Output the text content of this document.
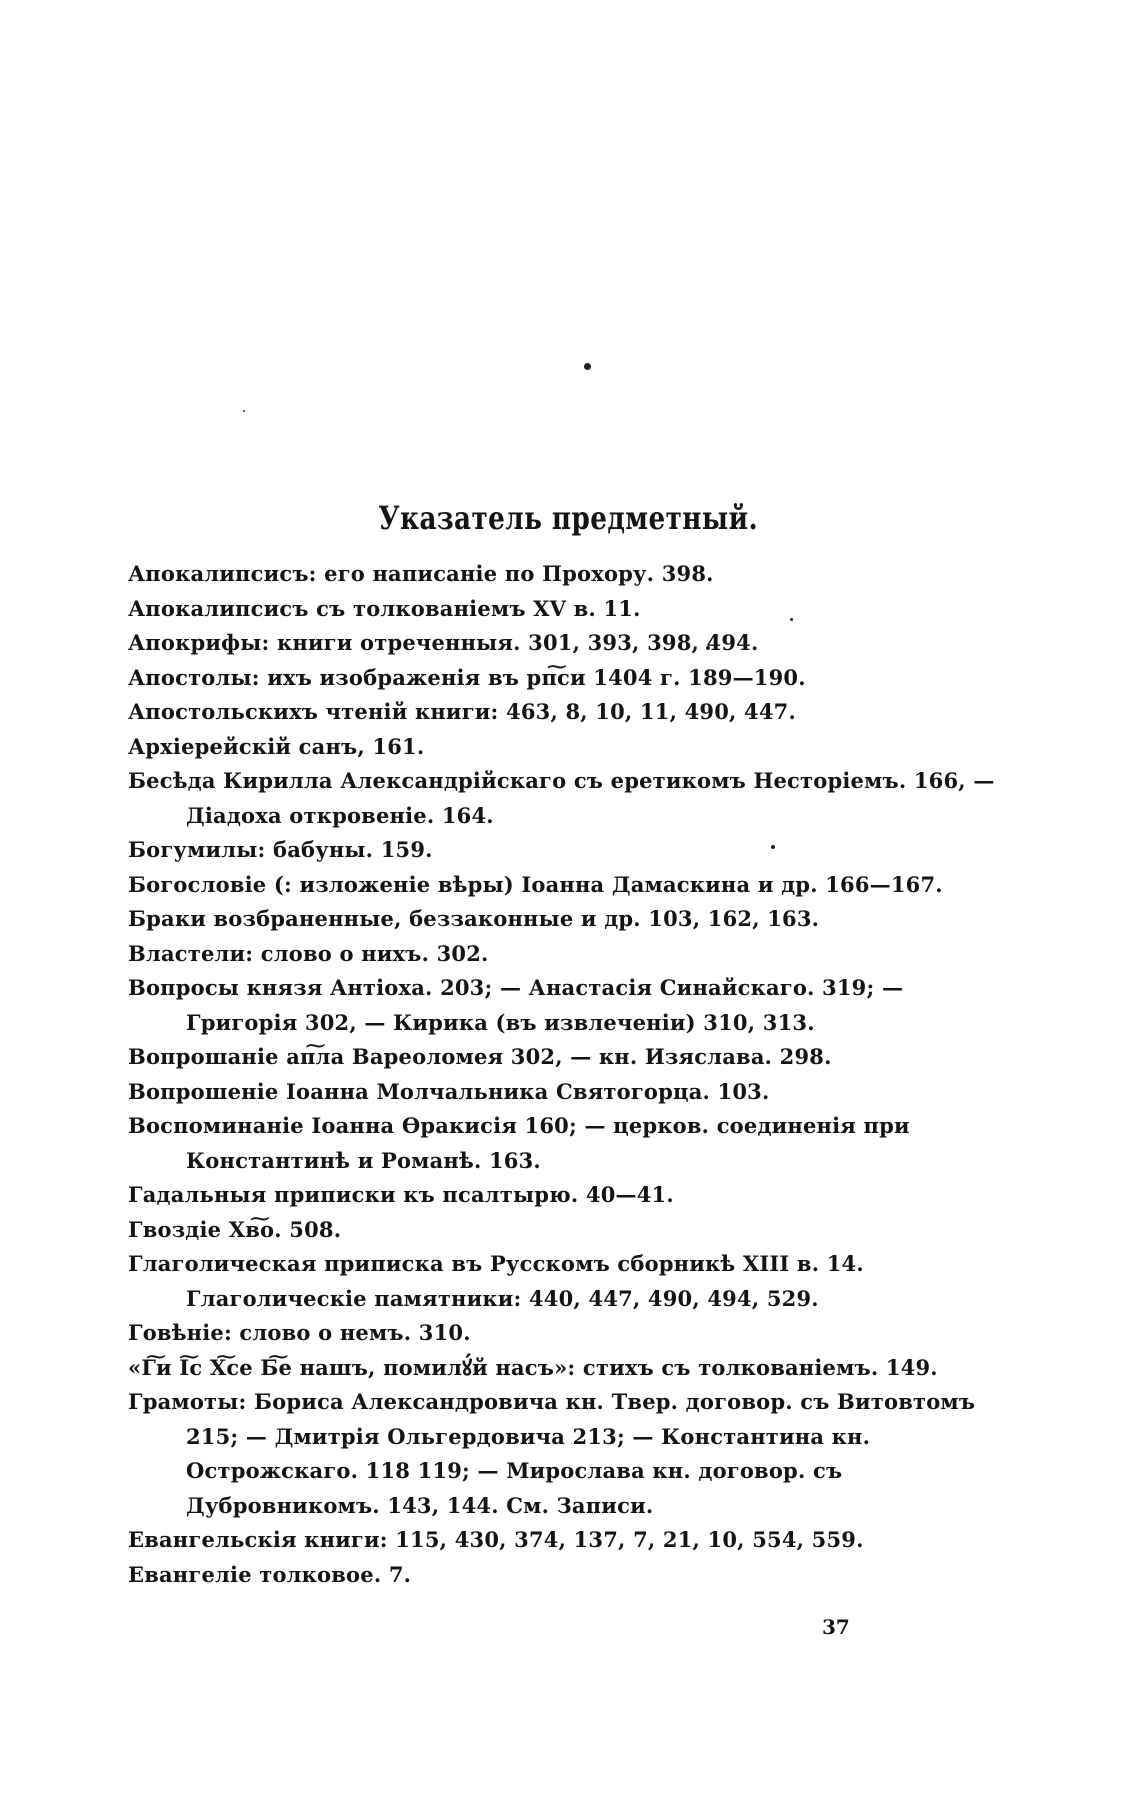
Указатель предметный.
Апокалипсисъ: его написаніе по Прохору. 398.
Апокалипсисъ съ толкованіемъ XV в. 11.
Апокрифы: книги отреченныя. 301, 393, 398, 494.
Апостолы: ихъ изображенія въ рп͠си 1404 г. 189—190.
Апостольскихъ чтеній книги: 463, 8, 10, 11, 490, 447.
Архіерейскій санъ, 161.
Бесѣда Кирилла Александрійскаго съ еретикомъ Несторіемъ. 166, — Діадоха откровеніе. 164.
Богумилы: бабуны. 159.
Богословіе (: изложеніе вѣры) Іоанна Дамаскина и др. 166—167.
Браки возбраненные, беззаконные и др. 103, 162, 163.
Властели: слово о нихъ. 302.
Вопросы князя Антіоха. 203; — Анастасія Синайскаго. 319; — Григорія 302, — Кирика (въ извлеченіи) 310, 313.
Вопрошаніе ап͠ла Вареоломея 302, — кн. Изяслава. 298.
Вопрошеніе Іоанна Молчальника Святогорца. 103.
Воспоминаніе Іоанна Өракисія 160; — церков. соединенія при Константинѣ и Романѣ. 163.
Гадальныя приписки къ псалтырю. 40—41.
Гвоздіе Хв͠о. 508.
Глаголическая приписка въ Русскомъ сборникѣ XIII в. 14. Глаголическіе памятники: 440, 447, 490, 494, 529.
Говѣніе: слово о немъ. 310.
«Г͠и І͠с Х͠се Б͠е нашъ, помилꙋ́й насъ»: стихъ съ толкованіемъ. 149.
Грамоты: Бориса Александровича кн. Твер. договор. съ Витовтомъ 215; — Дмитрія Ольгердовича 213; — Константина кн. Острожскаго. 118 119; — Мирослава кн. договор. съ Дубровникомъ. 143, 144. См. Записи.
Евангельскія книги: 115, 430, 374, 137, 7, 21, 10, 554, 559.
Евангеліе толковое. 7.
37
